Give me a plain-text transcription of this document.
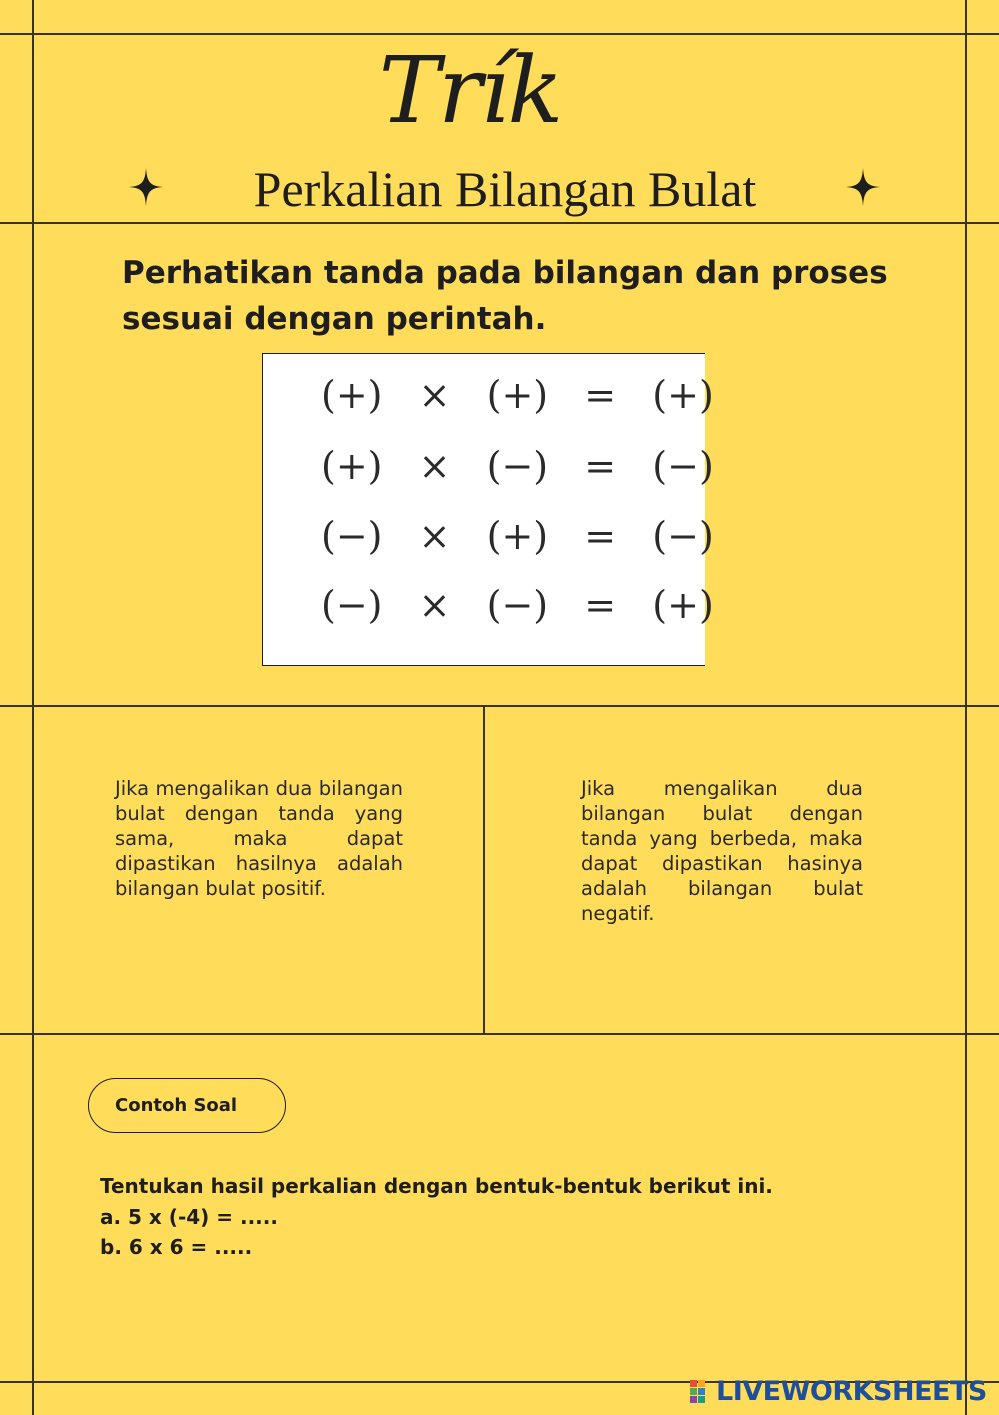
Trík
Perkalian Bilangan Bulat
Perhatikan tanda pada bilangan dan proses sesuai dengan perintah.
(+)  ×  (+)  =  (+)
(+)  ×  (−)  =  (−)
(−)  ×  (+)  =  (−)
(−)  ×  (−)  =  (+)
Jika mengalikan dua bilangan bulat dengan tanda yang sama, maka dapat dipastikan hasilnya adalah bilangan bulat positif.
Jika mengalikan dua bilangan bulat dengan tanda yang berbeda, maka dapat dipastikan hasinya adalah bilangan bulat negatif.
Contoh Soal
Tentukan hasil perkalian dengan bentuk-bentuk berikut ini.
a. 5 x (-4) = .....
b. 6 x 6 = .....
LIVEWORKSHEETS
